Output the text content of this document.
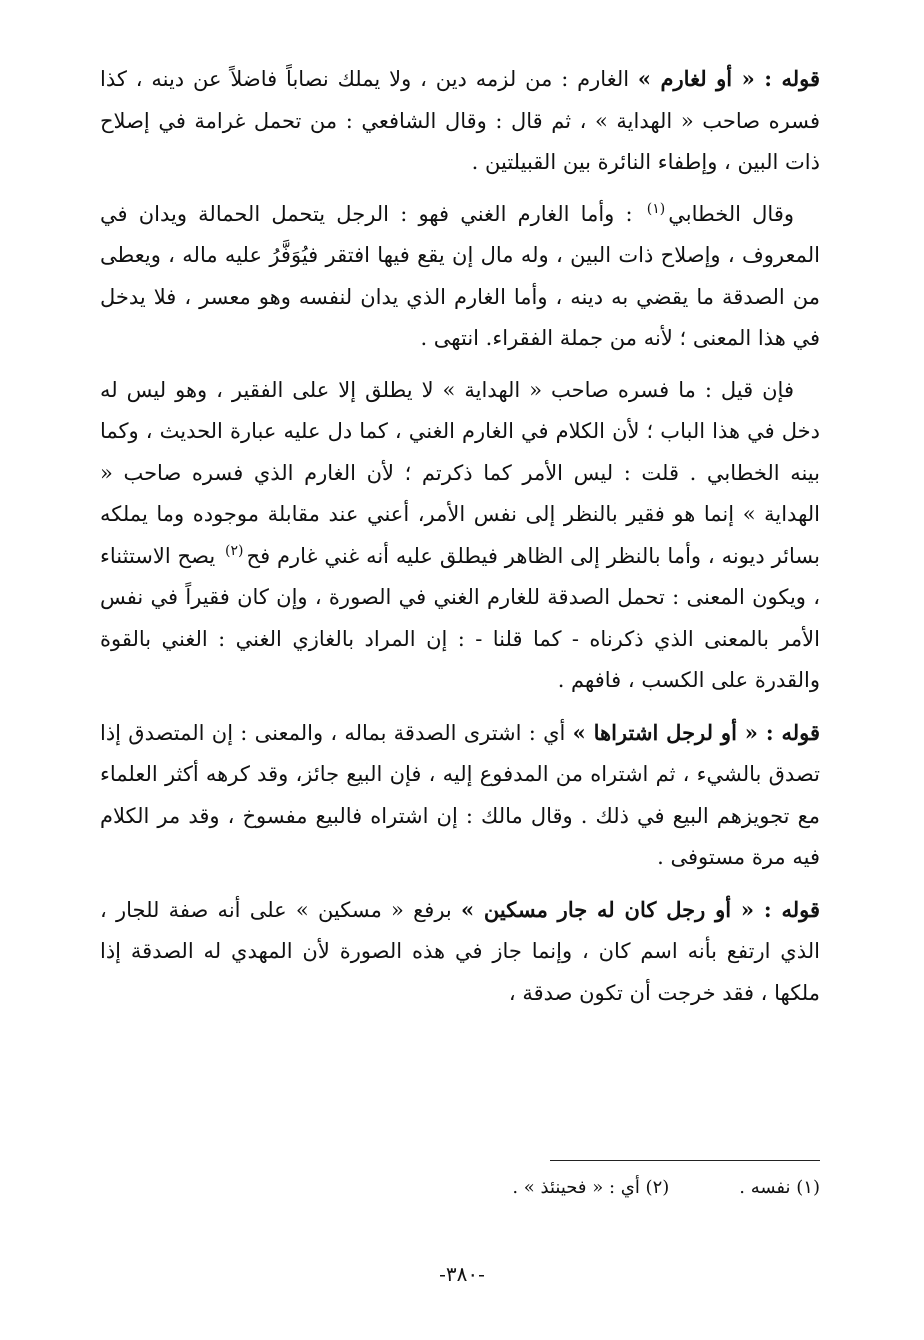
قوله : « أو لغارم » الغارم : من لزمه دين ، ولا يملك نصاباً فاضلاً عن دينه ، كذا فسره صاحب « الهداية » ، ثم قال : وقال الشافعي : من تحمل غرامة في إصلاح ذات البين ، وإطفاء النائرة بين القبيلتين .

وقال الخطابي$^{(١)}$ : وأما الغارم الغني فهو : الرجل يتحمل الحمالة ويدان في المعروف ، وإصلاح ذات البين ، وله مال إن يقع فيها افتقر فيُوَفَّرُ عليه ماله ، ويعطى من الصدقة ما يقضي به دينه ، وأما الغارم الذي يدان لنفسه وهو معسر ، فلا يدخل في هذا المعنى ؛ لأنه من جملة الفقراء. انتهى .

فإن قيل : ما فسره صاحب « الهداية » لا يطلق إلا على الفقير ، وهو ليس له دخل في هذا الباب ؛ لأن الكلام في الغارم الغني ، كما دل عليه عبارة الحديث ، وكما بينه الخطابي . قلت : ليس الأمر كما ذكرتم ؛ لأن الغارم الذي فسره صاحب « الهداية » إنما هو فقير بالنظر إلى نفس الأمر، أعني عند مقابلة موجوده وما يملكه بسائر ديونه ، وأما بالنظر إلى الظاهر فيطلق عليه أنه غني غارم فح$^{(٢)}$ يصح الاستثناء ، ويكون المعنى : تحمل الصدقة للغارم الغني في الصورة ، وإن كان فقيراً في نفس الأمر بالمعنى الذي ذكرناه - كما قلنا - : إن المراد بالغازي الغني : الغني بالقوة والقدرة على الكسب ، فافهم .

قوله : « أو لرجل اشتراها » أي : اشترى الصدقة بماله ، والمعنى : إن المتصدق إذا تصدق بالشيء ، ثم اشتراه من المدفوع إليه ، فإن البيع جائز، وقد كرهه أكثر العلماء مع تجويزهم البيع في ذلك . وقال مالك : إن اشتراه فالبيع مفسوخ ، وقد مر الكلام فيه مرة مستوفى .

قوله : « أو رجل كان له جار مسكين » برفع « مسكين » على أنه صفة للجار ، الذي ارتفع بأنه اسم كان ، وإنما جاز في هذه الصورة لأن المهدي له الصدقة إذا ملكها ، فقد خرجت أن تكون صدقة ،

(١) نفسه .(٢) أي : « فحينئذ » .
-٣٨٠-
